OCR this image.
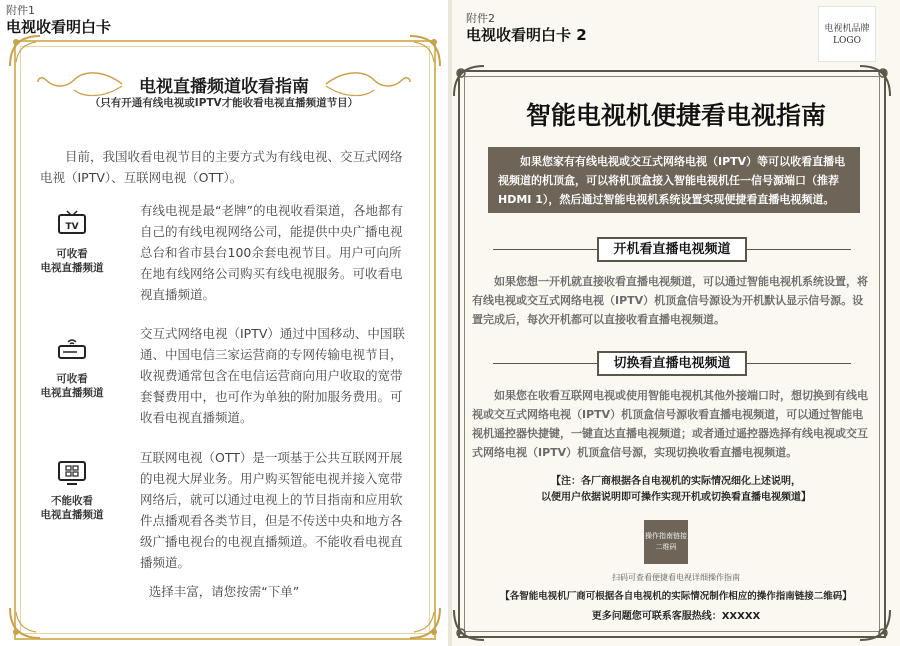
附件1
电视收看明白卡
电视直播频道收看指南
（只有开通有线电视或IPTV才能收看电视直播频道节目）
目前，我国收看电视节目的主要方式为有线电视、交互式网络电视（IPTV）、互联网电视（OTT）。
TV
可收看
电视直播频道
有线电视是最“老牌”的电视收看渠道，各地都有自己的有线电视网络公司，能提供中央广播电视总台和省市县台100余套电视节目。用户可向所在地有线网络公司购买有线电视服务。可收看电视直播频道。
可收看
电视直播频道
交互式网络电视（IPTV）通过中国移动、中国联通、中国电信三家运营商的专网传输电视节目，收视费通常包含在电信运营商向用户收取的宽带套餐费用中，也可作为单独的附加服务费用。可收看电视直播频道。
不能收看
电视直播频道
互联网电视（OTT）是一项基于公共互联网开展的电视大屏业务。用户购买智能电视并接入宽带网络后，就可以通过电视上的节目指南和应用软件点播观看各类节目，但是不传送中央和地方各级广播电视台的电视直播频道。不能收看电视直播频道。
选择丰富，请您按需“下单”
附件2
电视收看明白卡 2	电视机品牌
LOGO
智能电视机便捷看电视指南
如果您家有有线电视或交互式网络电视（IPTV）等可以收看直播电视频道的机顶盒，可以将机顶盒接入智能电视机任一信号源端口（推荐HDMI 1），然后通过智能电视机系统设置实现便捷看直播电视频道。
开机看直播电视频道
如果您想一开机就直接收看直播电视频道，可以通过智能电视机系统设置，将有线电视或交互式网络电视（IPTV）机顶盒信号源设为开机默认显示信号源。设置完成后，每次开机都可以直接收看直播电视频道。
切换看直播电视频道
如果您在收看互联网电视或使用智能电视机其他外接端口时，想切换到有线电视或交互式网络电视（IPTV）机顶盒信号源收看直播电视频道，可以通过智能电视机遥控器快捷键，一键直达直播电视频道；或者通过遥控器选择有线电视或交互式网络电视（IPTV）机顶盒信号源，实现切换收看直播电视频道。
【注：各厂商根据各自电视机的实际情况细化上述说明，
以便用户依据说明即可操作实现开机或切换看直播电视频道】
操作指南链接
二维码
扫码可查看便捷看电视详细操作指南
【各智能电视机厂商可根据各自电视机的实际情况制作相应的操作指南链接二维码】
更多问题您可联系客服热线：XXXXX
